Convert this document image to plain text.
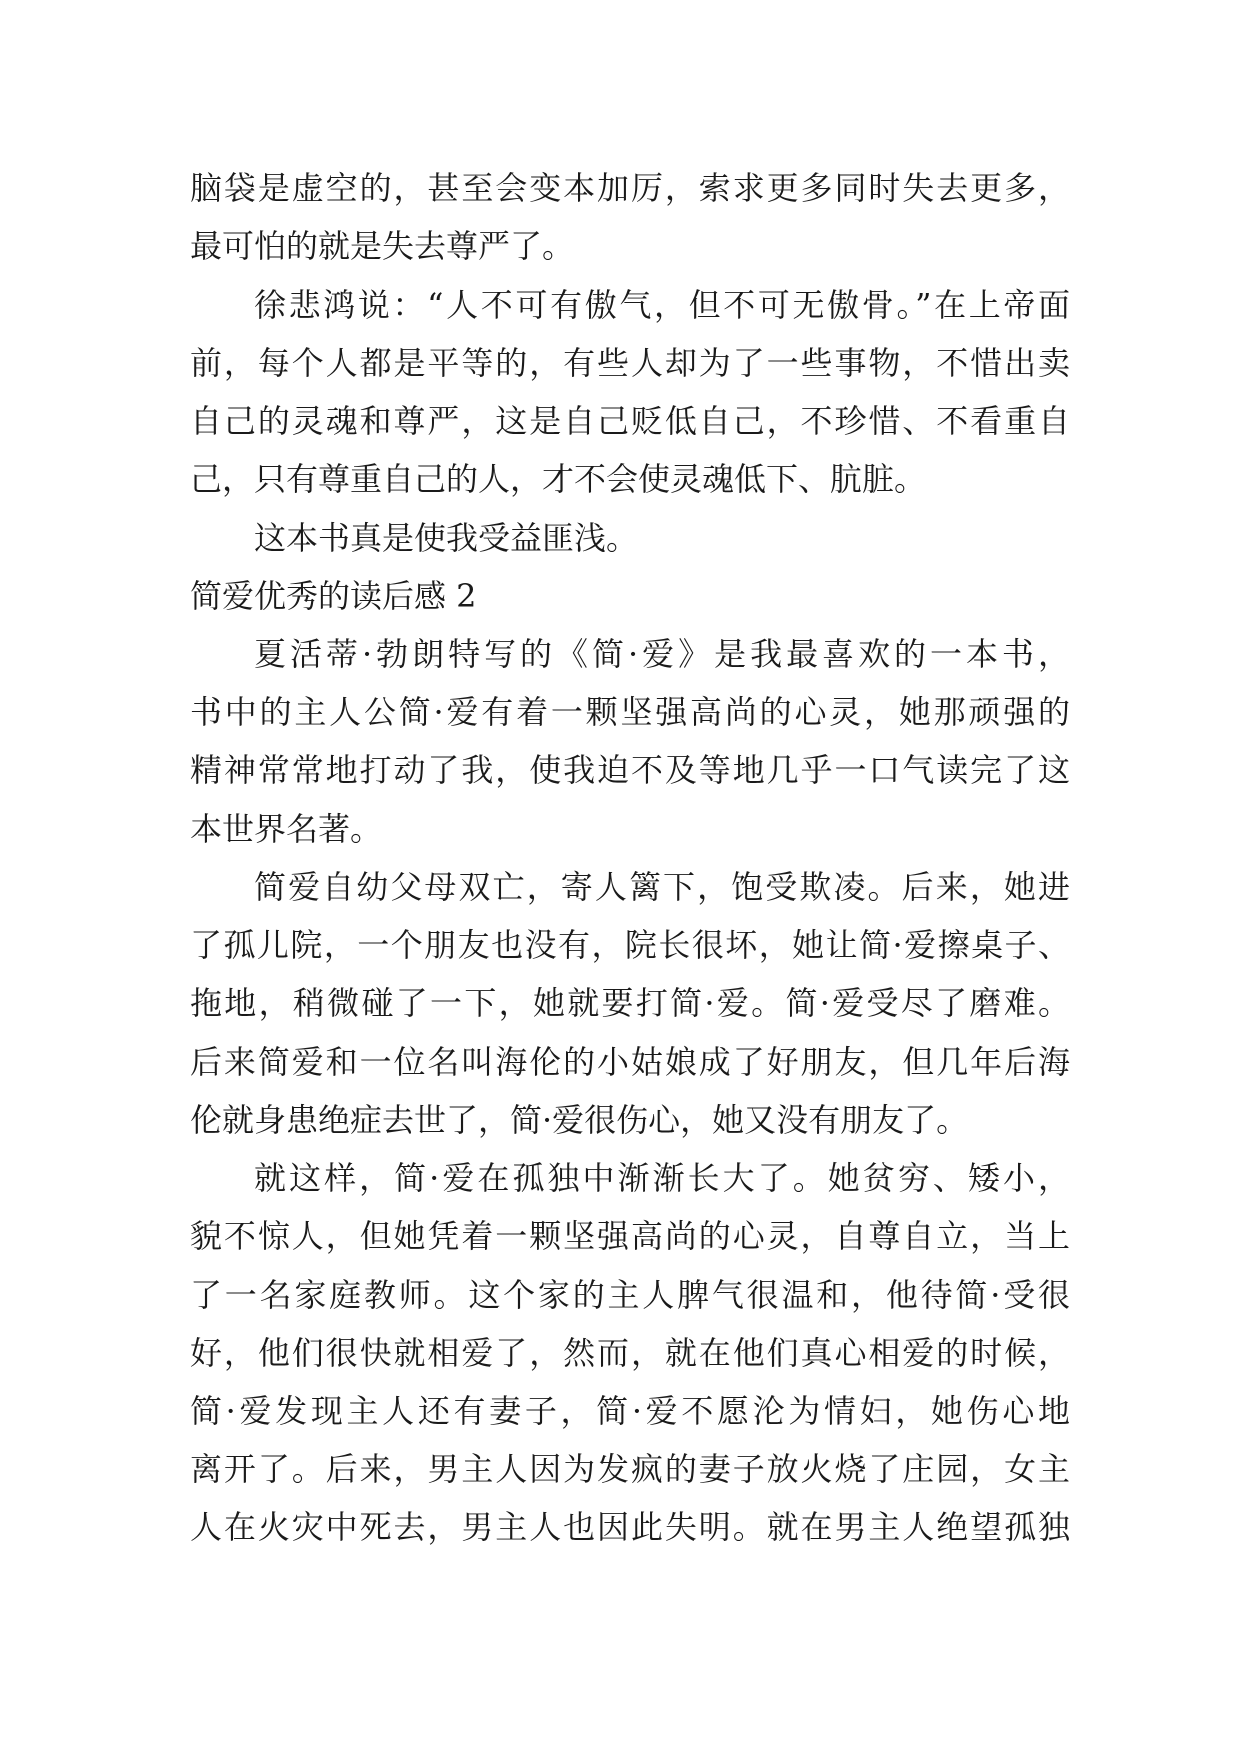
脑袋是虚空的，甚至会变本加厉，索求更多同时失去更多，
最可怕的就是失去尊严了。
徐悲鸿说：“人不可有傲气，但不可无傲骨。”在上帝面
前，每个人都是平等的，有些人却为了一些事物，不惜出卖
自己的灵魂和尊严，这是自己贬低自己，不珍惜、不看重自
己，只有尊重自己的人，才不会使灵魂低下、肮脏。
这本书真是使我受益匪浅。
简爱优秀的读后感 2
夏活蒂·勃朗特写的《简·爱》是我最喜欢的一本书，
书中的主人公简·爱有着一颗坚强高尚的心灵，她那顽强的
精神常常地打动了我，使我迫不及等地几乎一口气读完了这
本世界名著。
简爱自幼父母双亡，寄人篱下，饱受欺凌。后来，她进
了孤儿院，一个朋友也没有，院长很坏，她让简·爱擦桌子、
拖地，稍微碰了一下，她就要打简·爱。简·爱受尽了磨难。
后来简爱和一位名叫海伦的小姑娘成了好朋友，但几年后海
伦就身患绝症去世了，简·爱很伤心，她又没有朋友了。
就这样，简·爱在孤独中渐渐长大了。她贫穷、矮小，
貌不惊人，但她凭着一颗坚强高尚的心灵，自尊自立，当上
了一名家庭教师。这个家的主人脾气很温和，他待简·受很
好，他们很快就相爱了，然而，就在他们真心相爱的时候，
简·爱发现主人还有妻子，简·爱不愿沦为情妇，她伤心地
离开了。后来，男主人因为发疯的妻子放火烧了庄园，女主
人在火灾中死去，男主人也因此失明。就在男主人绝望孤独
